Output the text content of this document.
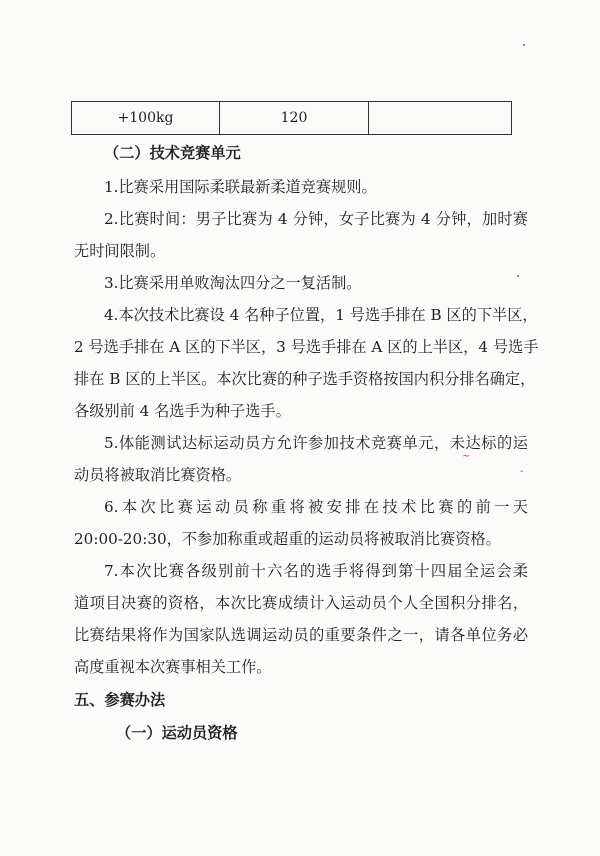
+100kg	120	

（二）技术竞赛单元

1.比赛采用国际柔联最新柔道竞赛规则。

2.比赛时间：男子比赛为 4 分钟，女子比赛为 4 分钟，加时赛

无时间限制。

3.比赛采用单败淘汰四分之一复活制。

4.本次技术比赛设 4 名种子位置，1 号选手排在 B 区的下半区，

2 号选手排在 A 区的下半区，3 号选手排在 A 区的上半区，4 号选手

排在 B 区的上半区。本次比赛的种子选手资格按国内积分排名确定，

各级别前 4 名选手为种子选手。

5.体能测试达标运动员方允许参加技术竞赛单元，未达标的运

动员将被取消比赛资格。

6.本次比赛运动员称重将被安排在技术比赛的前一天

20:00-20:30，不参加称重或超重的运动员将被取消比赛资格。

7.本次比赛各级别前十六名的选手将得到第十四届全运会柔

道项目决赛的资格，本次比赛成绩计入运动员个人全国积分排名，

比赛结果将作为国家队选调运动员的重要条件之一，请各单位务必

高度重视本次赛事相关工作。

五、参赛办法

（一）运动员资格

~
-
